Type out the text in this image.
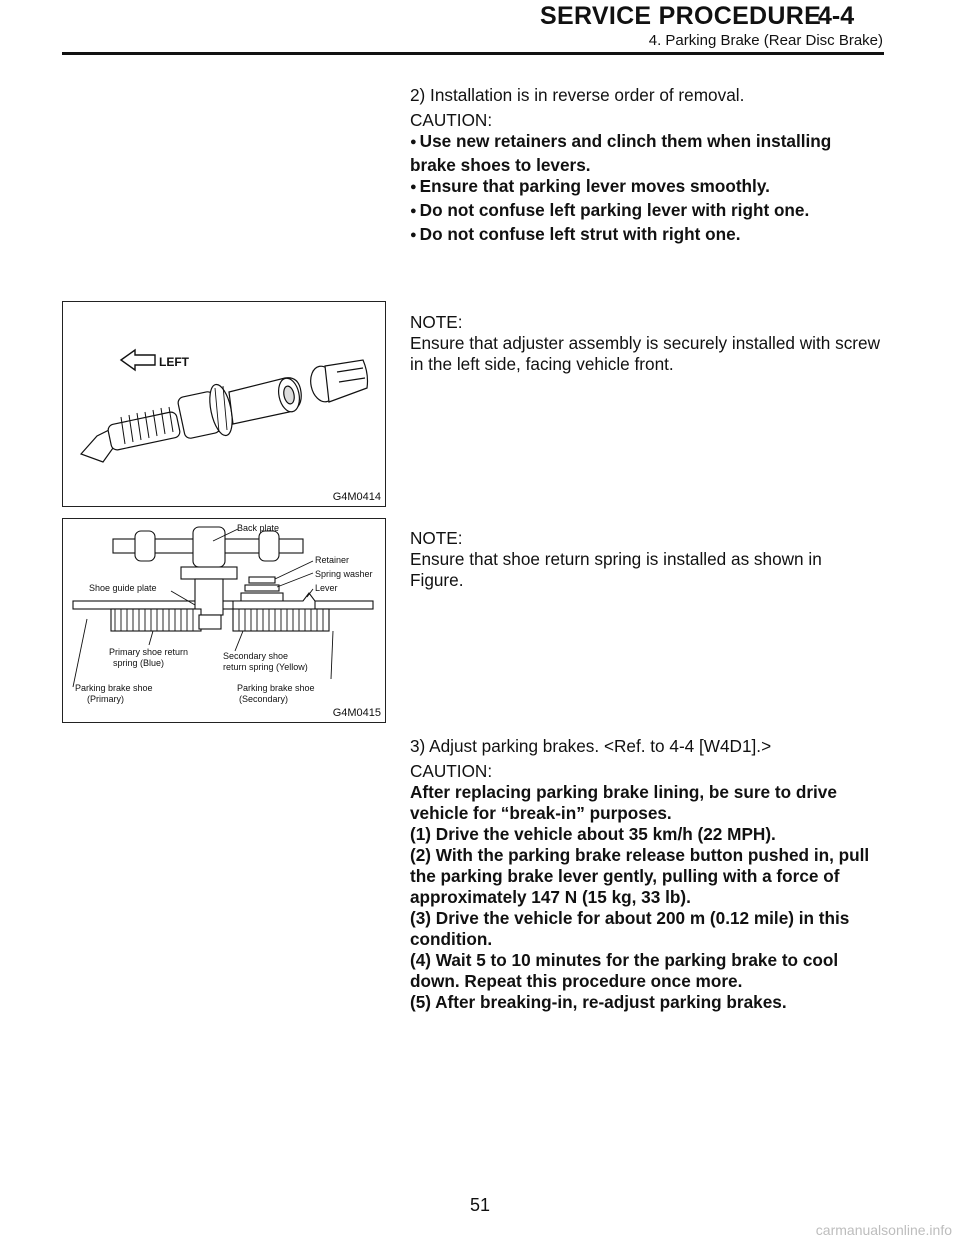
SERVICE PROCEDURE
4-4
4. Parking Brake (Rear Disc Brake)

2) Installation is in reverse order of removal.

CAUTION:

● Use new retainers and clinch them when installing brake shoes to levers.

● Ensure that parking lever moves smoothly.

● Do not confuse left parking lever with right one.

● Do not confuse left strut with right one.

LEFT
G4M0414

NOTE:

Ensure that adjuster assembly is securely installed with screw in the left side, facing vehicle front.

Back plate
Retainer
Spring washer
Lever
Shoe guide plate
Primary shoe return
spring (Blue)
Secondary shoe
return spring (Yellow)
Parking brake shoe
(Primary)
Parking brake shoe
(Secondary)
G4M0415

NOTE:

Ensure that shoe return spring is installed as shown in Figure.

3) Adjust parking brakes. <Ref. to 4-4 [W4D1].>

CAUTION:

After replacing parking brake lining, be sure to drive vehicle for “break-in” purposes.

(1) Drive the vehicle about 35 km/h (22 MPH).

(2) With the parking brake release button pushed in, pull the parking brake lever gently, pulling with a force of approximately 147 N (15 kg, 33 lb).

(3) Drive the vehicle for about 200 m (0.12 mile) in this condition.

(4) Wait 5 to 10 minutes for the parking brake to cool down. Repeat this procedure once more.

(5) After breaking-in, re-adjust parking brakes.

51
carmanualsonline.info
